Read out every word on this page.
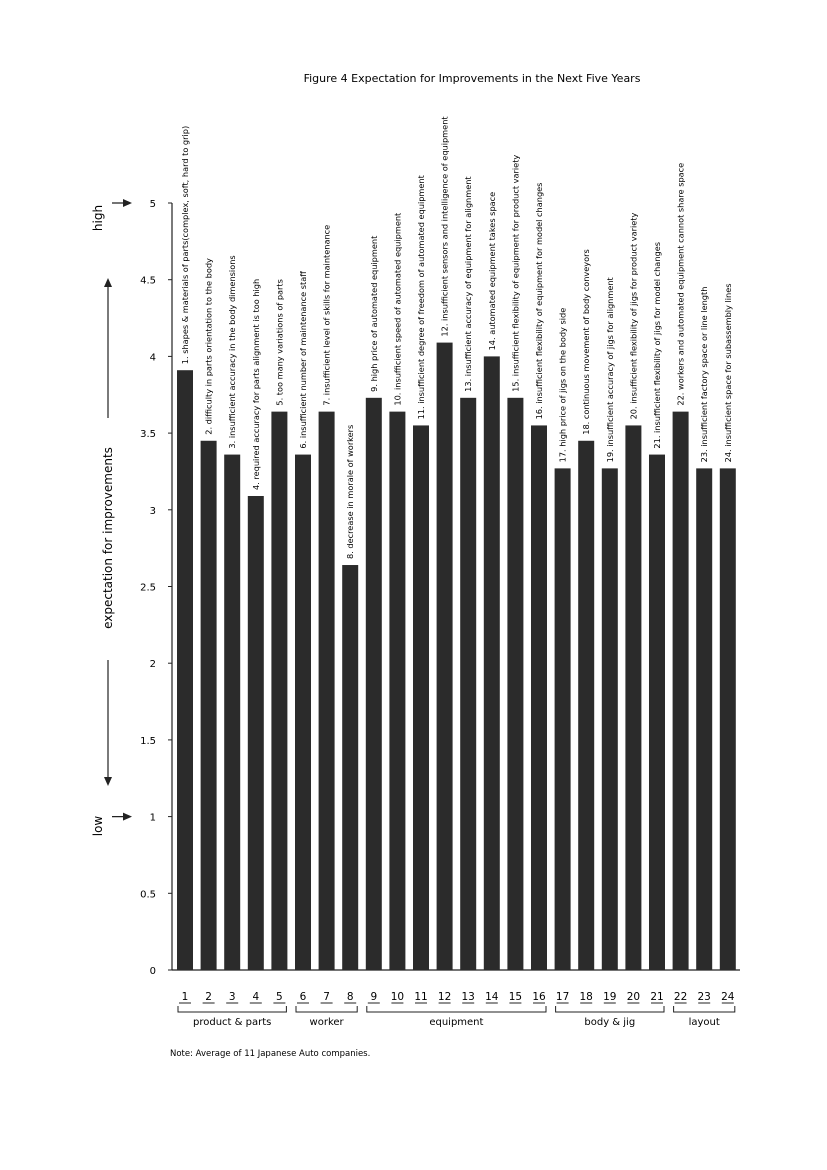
Figure 4 Expectation for Improvements in the Next Five Years
0
0.5
1
1.5
2
2.5
3
3.5
4
4.5
5	1. shapes & materials of parts(complex, soft, hard to grip) 2. difficulty in parts orientation to the body 3. insufficient accuracy in the body dimensions 4. required accuracy for parts alignment is too high 5. too many variations of parts 6. insufficient number of maintenance staff 7. insufficient level of skills for maintenance
8. decrease in morale of workers
9. high price of automated equipment 10. insufficient speed of automated equipment 11. insufficient degree of freedom of automated equipment 12. insufficient sensors and intelligence of equipment 13. insufficient accuracy of equipment for alignment 14. automated equipment takes space 15. insufficient flexibility of equipment for product variety 16. insufficient flexibility of equipment for model changes 17. high price of jigs on the body side 18. continuous movement of body conveyors 19. insufficient accuracy of jigs for alignment 20. insufficient flexibility of jigs for product variety 21. insufficient flexibility of jigs for model changes 22. workers and automated equipment cannot share space 23. insufficient factory space or line length 24. insufficient space for subassembly lines
1 2 3 4 5 6 7 8 9 10 11 12 13 14 15 16 17 18 19 20 21 22 23 24
product & parts	worker	equipment	body & jig	layout
expectation for improvements
high
low
Note: Average of 11 Japanese Auto companies.
